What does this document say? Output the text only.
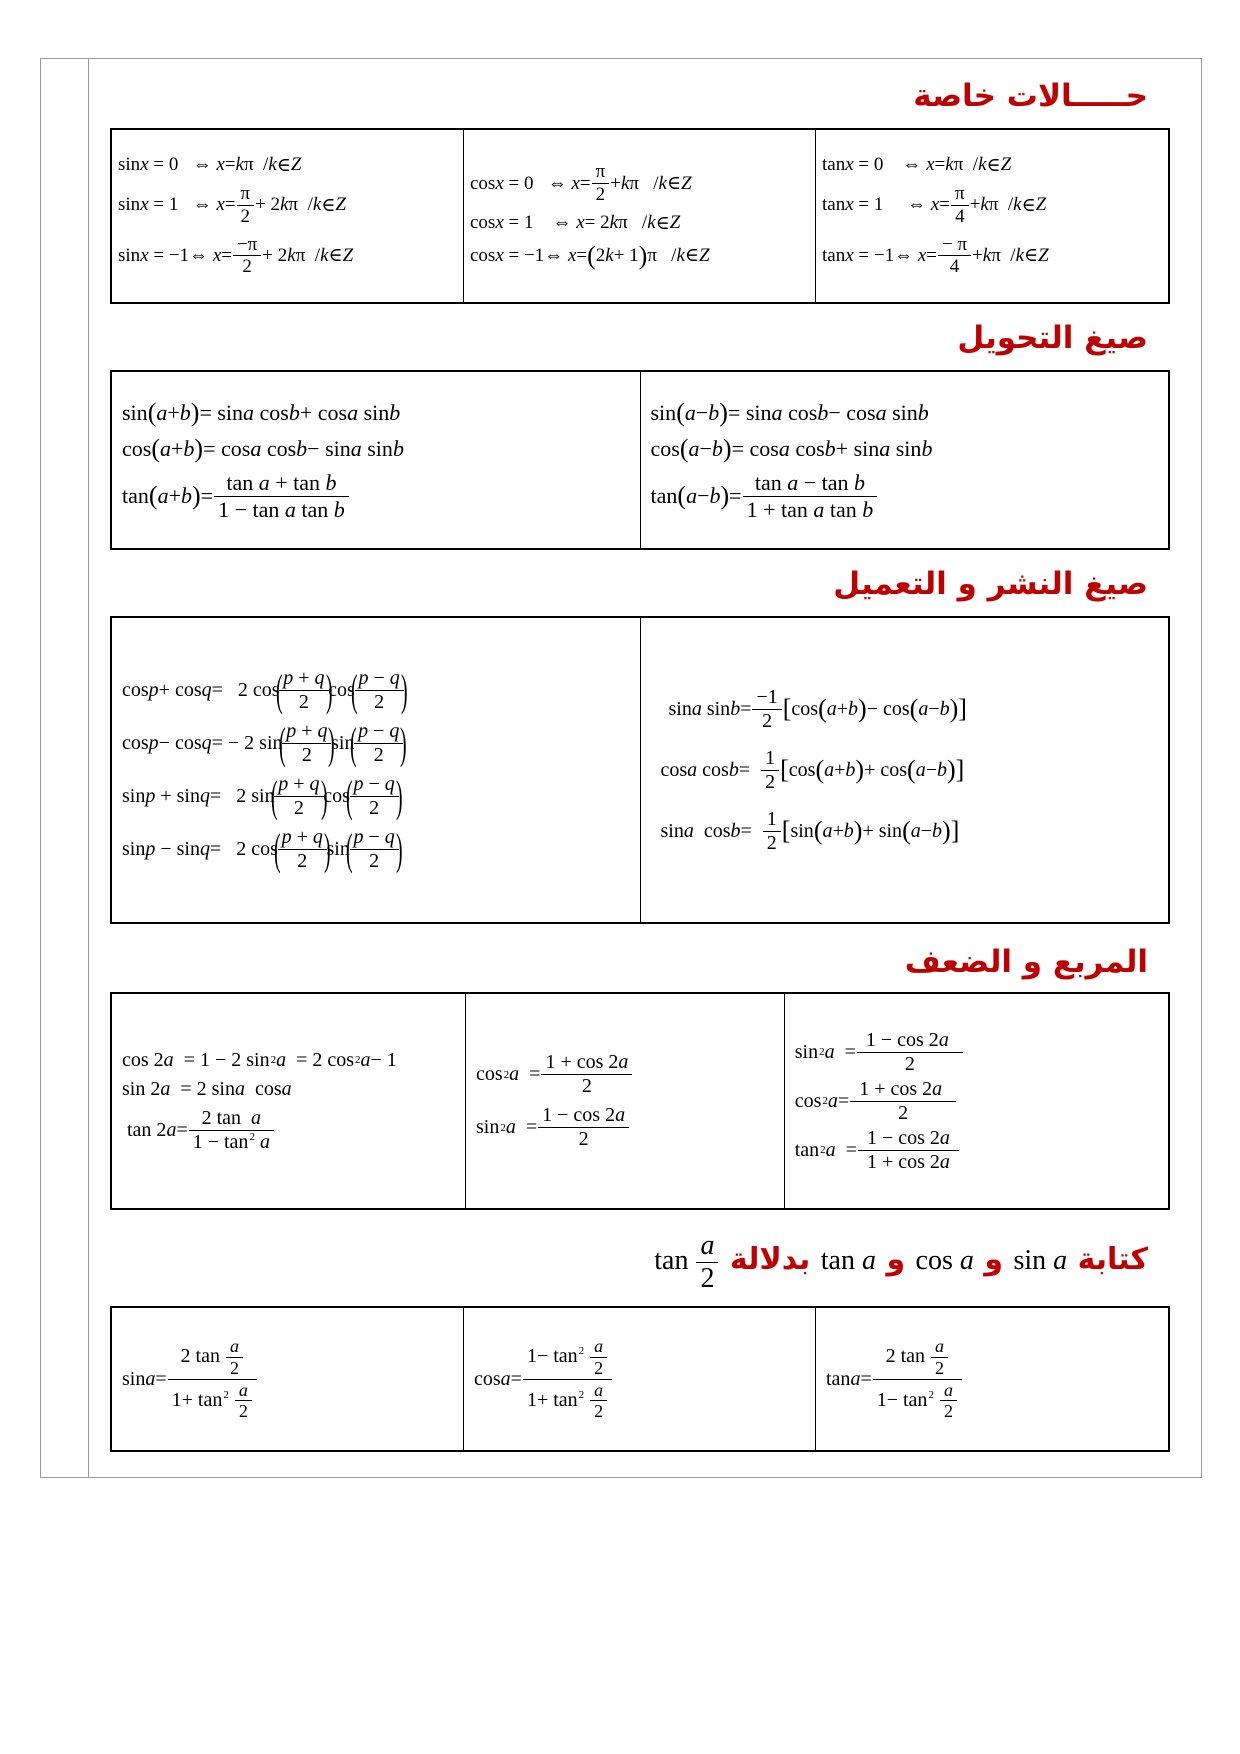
حـــــالات خاصة
sin x = 0   ⇔ x = k π  / k ∈ Z
sin x = 1   ⇔ x =
π
2
+ 2 k π  / k ∈ Z
sin x = −1⇔ x =
−π
2
+ 2 k π  / k ∈ Z

cos x = 0   ⇔ x =
π
2
+ k π   / k ∈ Z
cos x = 1    ⇔ x = 2 k π   / k ∈ Z
cos x = −1⇔ x = ( 2 k + 1 ) π   / k ∈ Z

tan x = 0    ⇔ x = k π  / k ∈ Z
tan x = 1     ⇔ x =
π
4
+ k π  / k ∈ Z
tan x = −1⇔ x =
− π
4
+ k π  / k ∈ Z
صيغ التحويل
sin ( a + b ) = sin a cos b + cos a sin b
cos ( a + b ) = cos a cos b − sin a sin b
tan ( a + b ) =
tan a + tan b
1 − tan a tan b

sin ( a − b ) = sin a cos b − cos a sin b
cos ( a − b ) = cos a cos b + sin a sin b
tan ( a − b ) =
tan a − tan b
1 + tan a tan b
صيغ النشر و التعميل
cos p + cos q =   2 cos
( p + q
2 )
cos
( p − q
2 )
cos p − cos q = − 2 sin
( p + q
2 )
sin
( p − q
2 )
sin p + sin q =   2 sin
( p + q
2 )
cos
( p − q
2 )
sin p − sin q =   2 cos
( p + q
2 )
sin
( p − q
2 )

sin a sin b =
−1
2 [ cos ( a + b ) − cos ( a − b ) ]
cos a cos b =
1
2 [ cos ( a + b ) + cos ( a − b ) ]
sin a cos b =
1
2 [ sin ( a + b ) + sin ( a − b ) ]
المربع و الضعف
cos 2 a = 1 − 2 sin 2 a = 2 cos 2 a − 1
sin 2 a = 2 sin a cos a
tan 2 a =
2 tan  a
$1 - \tan^2 a$

cos 2 a =
1 + cos 2a
2
sin 2 a =
1 − cos 2a
2

sin 2 a =
1 − cos 2a
2
cos 2 a =
1 + cos 2a
2
tan 2 a =
1 − cos 2a
1 + cos 2a
كتابة sin a و cos a و tan a بدلالة $\tan \frac{a}{2}$
sin a =
2 $\tan \frac{a}{2}$
$1+ \tan^2 \frac{a}{2}$

cos a =
$1- \tan^2 \frac{a}{2}$
$1+ \tan^2 \frac{a}{2}$

tan a =
2 $\tan \frac{a}{2}$
$1- \tan^2 \frac{a}{2}$
